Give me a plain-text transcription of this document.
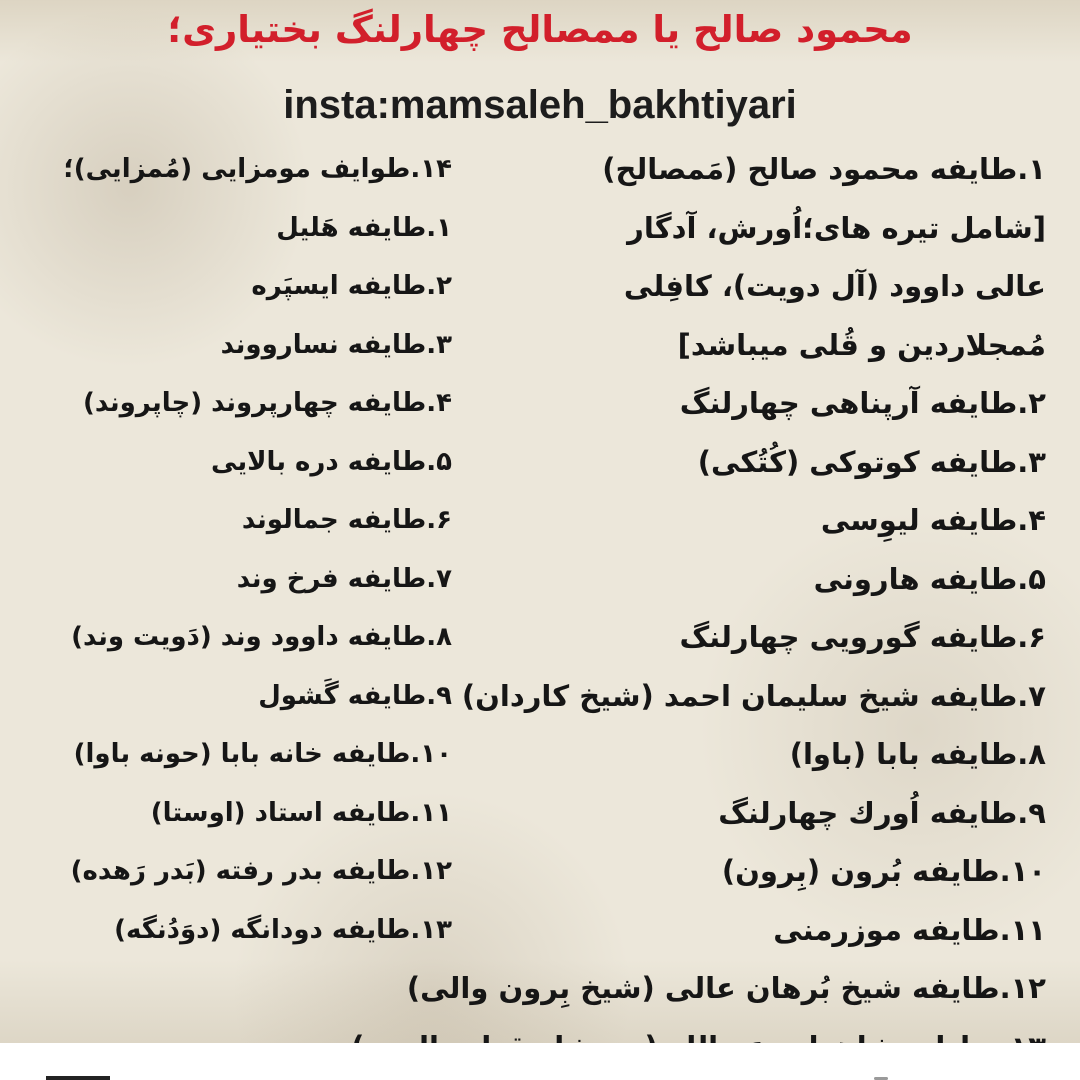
محمود صالح یا ممصالح چهارلنگ بختیاری؛
insta:mamsaleh_bakhtiyari
۱.طایفه محمود صالح (مَمصالح)
[شامل تیره های؛اُورش، آدگار
عالی داوود (آل دویت)، کافِلی
مُمجلاردین و قُلی میباشد]
۲.طایفه آرپناهی چهارلنگ
۳.طایفه کوتوکی (کُتُکی)
۴.طایفه لیوِسی
۵.طایفه هارونی
۶.طایفه گورویی چهارلنگ
۷.طایفه شیخ سلیمان احمد (شیخ کاردان)
۸.طایفه بابا (باوا)
۹.طایفه اُورك چهارلنگ
۱۰.طایفه بُرون (بِرون)
۱۱.طایفه موزرمنی
۱۲.طایفه شیخ بُرهان عالی (شیخ بِرون والی)
۱۴.طوایف مومزایی (مُمزایی)؛
۱.طایفه هَلیل
۲.طایفه ایسپَره
۳.طایفه نسارووند
۴.طایفه چهارپروند (چاپروند)
۵.طایفه دره بالایی
۶.طایفه جمالوند
۷.طایفه فرخ وند
۸.طایفه داوود وند (دَویت وند)
۹.طایفه گَشول
۱۰.طایفه خانه بابا (حونه باوا)
۱۱.طایفه استاد (اوستا)
۱۲.طایفه بدر رفته (بَدر رَهده)
۱۳.طایفه دودانگه (دوَدُنگه)
